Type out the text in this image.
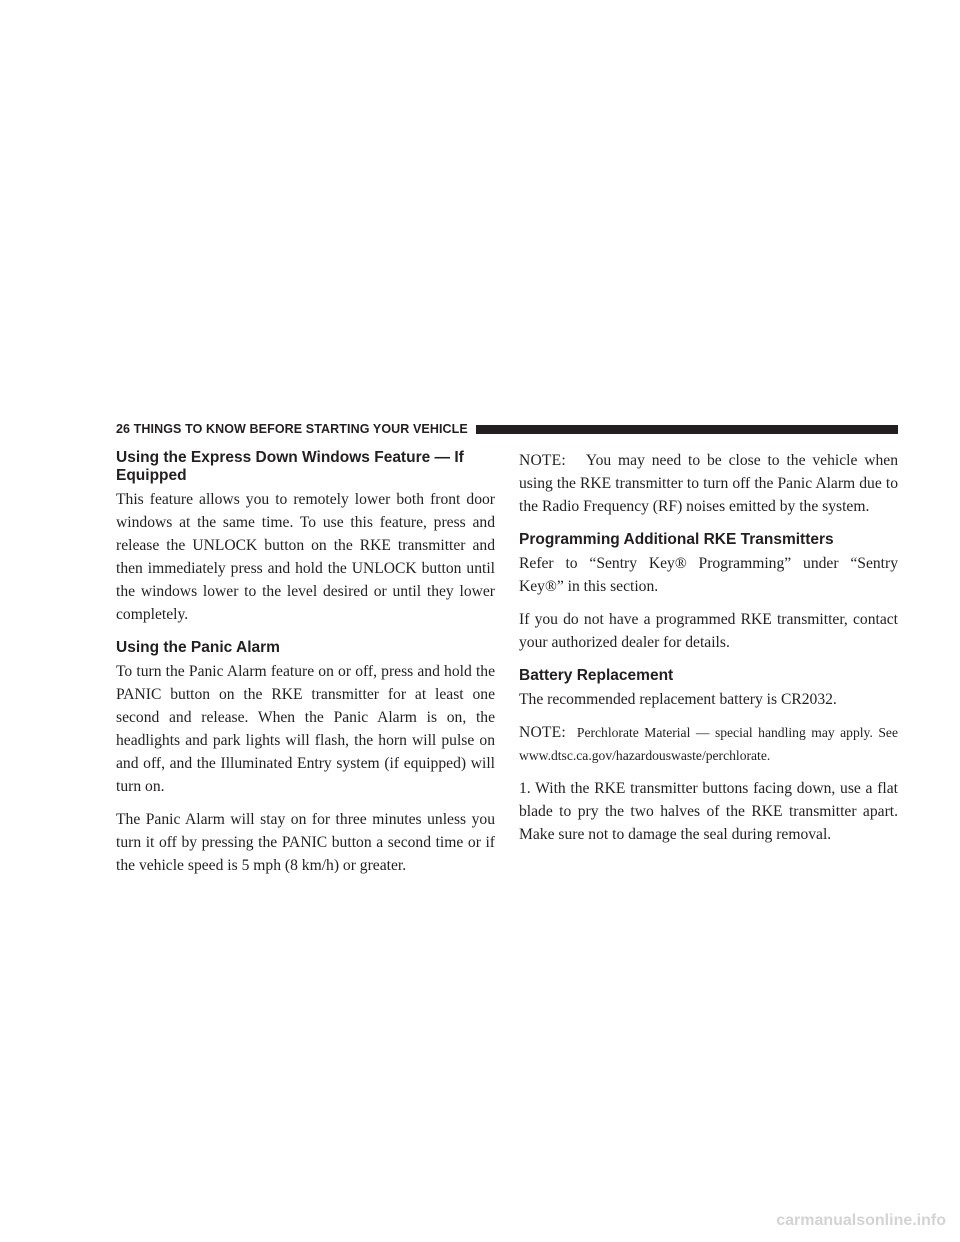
26 THINGS TO KNOW BEFORE STARTING YOUR VEHICLE
Using the Express Down Windows Feature — If Equipped

This feature allows you to remotely lower both front door windows at the same time. To use this feature, press and release the UNLOCK button on the RKE transmitter and then immediately press and hold the UNLOCK button until the windows lower to the level desired or until they lower completely.

Using the Panic Alarm

To turn the Panic Alarm feature on or off, press and hold the PANIC button on the RKE transmitter for at least one second and release. When the Panic Alarm is on, the headlights and park lights will flash, the horn will pulse on and off, and the Illuminated Entry system (if equipped) will turn on.

The Panic Alarm will stay on for three minutes unless you turn it off by pressing the PANIC button a second time or if the vehicle speed is 5 mph (8 km/h) or greater.

NOTE: You may need to be close to the vehicle when using the RKE transmitter to turn off the Panic Alarm due to the Radio Frequency (RF) noises emitted by the system.

Programming Additional RKE Transmitters

Refer to “Sentry Key® Programming” under “Sentry Key®” in this section.

If you do not have a programmed RKE transmitter, contact your authorized dealer for details.

Battery Replacement

The recommended replacement battery is CR2032.

NOTE: Perchlorate Material — special handling may apply. See www.dtsc.ca.gov/hazardouswaste/perchlorate.

1. With the RKE transmitter buttons facing down, use a flat blade to pry the two halves of the RKE transmitter apart. Make sure not to damage the seal during removal.

carmanualsonline.info
